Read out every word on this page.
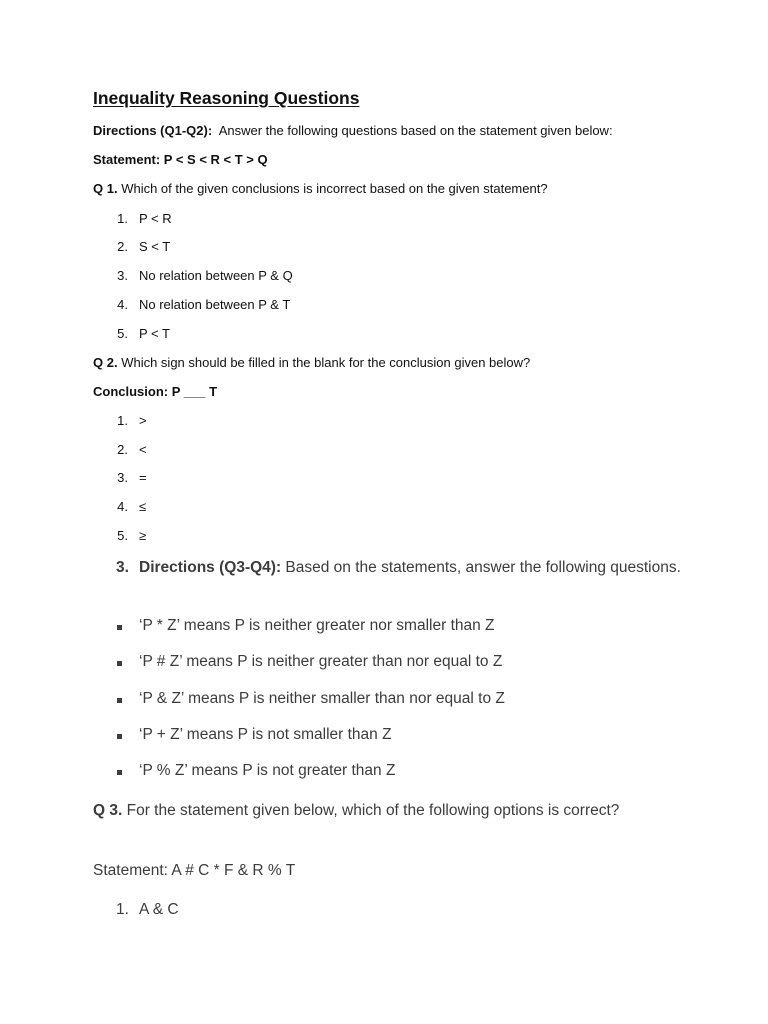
Inequality Reasoning Questions
Directions (Q1-Q2): Answer the following questions based on the statement given below:
Statement: P < S < R < T > Q
Q 1. Which of the given conclusions is incorrect based on the given statement?
1. P < R
2. S < T
3. No relation between P & Q
4. No relation between P & T
5. P < T
Q 2. Which sign should be filled in the blank for the conclusion given below?
Conclusion: P ___ T
1. >
2. <
3. =
4. ≤
5. ≥
3. Directions (Q3-Q4): Based on the statements, answer the following questions.
‘P * Z’ means P is neither greater nor smaller than Z
‘P # Z’ means P is neither greater than nor equal to Z
‘P & Z’ means P is neither smaller than nor equal to Z
‘P + Z’ means P is not smaller than Z
‘P % Z’ means P is not greater than Z
Q 3. For the statement given below, which of the following options is correct?
Statement: A # C * F & R % T
1. A & C
